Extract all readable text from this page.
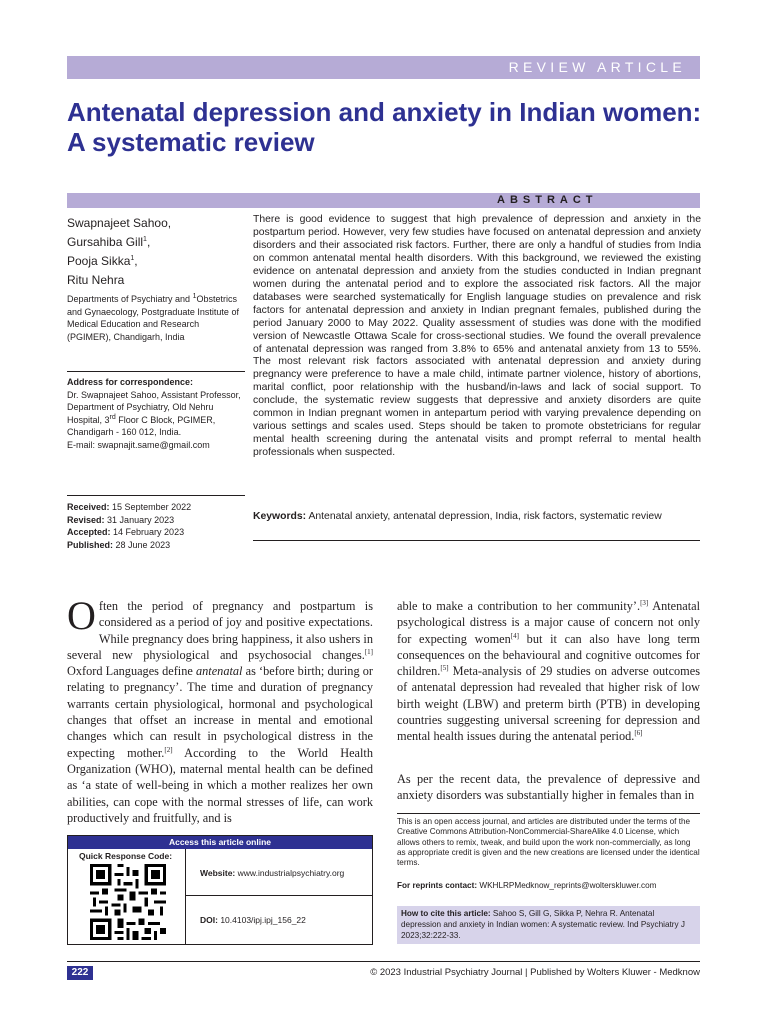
REVIEW ARTICLE
Antenatal depression and anxiety in Indian women: A systematic review
ABSTRACT
Swapnajeet Sahoo,
Gursahiba Gill$^1$,
Pooja Sikka$^1$,
Ritu Nehra
Departments of Psychiatry and $^1$Obstetrics and Gynaecology, Postgraduate Institute of Medical Education and Research (PGIMER), Chandigarh, India
Address for correspondence:
Dr. Swapnajeet Sahoo, Assistant Professor, Department of Psychiatry, Old Nehru Hospital, 3rd Floor C Block, PGIMER, Chandigarh - 160 012, India.
E-mail: swapnajit.same@gmail.com
Received: 15 September 2022
Revised: 31 January 2023
Accepted: 14 February 2023
Published: 28 June 2023
There is good evidence to suggest that high prevalence of depression and anxiety in the postpartum period. However, very few studies have focused on antenatal depression and anxiety disorders and their associated risk factors. Further, there are only a handful of studies from India on common antenatal mental health disorders. With this background, we reviewed the existing evidence on antenatal depression and anxiety from the studies conducted in Indian pregnant women during the antenatal period and to explore the associated risk factors. All the major databases were searched systematically for English language studies on prevalence and risk factors for antenatal depression and anxiety in Indian pregnant females, published during the period January 2000 to May 2022. Quality assessment of studies was done with the modified version of Newcastle Ottawa Scale for cross-sectional studies. We found the overall prevalence of antenatal depression was ranged from 3.8% to 65% and antenatal anxiety from 13 to 55%. The most relevant risk factors associated with antenatal depression and anxiety during pregnancy were preference to have a male child, intimate partner violence, history of abortions, marital conflict, poor relationship with the husband/in-laws and lack of social support. To conclude, the systematic review suggests that depressive and anxiety disorders are quite common in Indian pregnant women in antepartum period with varying prevalence depending on various settings and scales used. Steps should be taken to promote obstetricians for regular mental health screening during the antenatal visits and prompt referral to mental health professionals when suspected.
Keywords: Antenatal anxiety, antenatal depression, India, risk factors, systematic review
Often the period of pregnancy and postpartum is considered as a period of joy and positive expectations. While pregnancy does bring happiness, it also ushers in several new physiological and psychosocial changes.[1] Oxford Languages define antenatal as ‘before birth; during or relating to pregnancy’. The time and duration of pregnancy warrants certain physiological, hormonal and psychological changes that offset an increase in mental and emotional changes which can result in psychological distress in the expecting mother.[2] According to the World Health Organization (WHO), maternal mental health can be defined as ‘a state of well-being in which a mother realizes her own abilities, can cope with the normal stresses of life, can work productively and fruitfully, and is
able to make a contribution to her community’.[3] Antenatal psychological distress is a major cause of concern not only for expecting women[4] but it can also have long term consequences on the behavioural and cognitive outcomes for children.[5] Meta-analysis of 29 studies on adverse outcomes of antenatal depression had revealed that higher risk of low birth weight (LBW) and preterm birth (PTB) in developing countries suggesting universal screening for depression and mental health issues during the antenatal period.[6]
As per the recent data, the prevalence of depressive and anxiety disorders was substantially higher in females than in
Access this article online
Quick Response Code:
Website: www.industrialpsychiatry.org
DOI: 10.4103/ipj.ipj_156_22
This is an open access journal, and articles are distributed under the terms of the Creative Commons Attribution-NonCommercial-ShareAlike 4.0 License, which allows others to remix, tweak, and build upon the work non-commercially, as long as appropriate credit is given and the new creations are licensed under the identical terms.
For reprints contact: WKHLRPMedknow_reprints@wolterskluwer.com
How to cite this article: Sahoo S, Gill G, Sikka P, Nehra R. Antenatal depression and anxiety in Indian women: A systematic review. Ind Psychiatry J 2023;32:222-33.
222	© 2023 Industrial Psychiatry Journal | Published by Wolters Kluwer - Medknow
